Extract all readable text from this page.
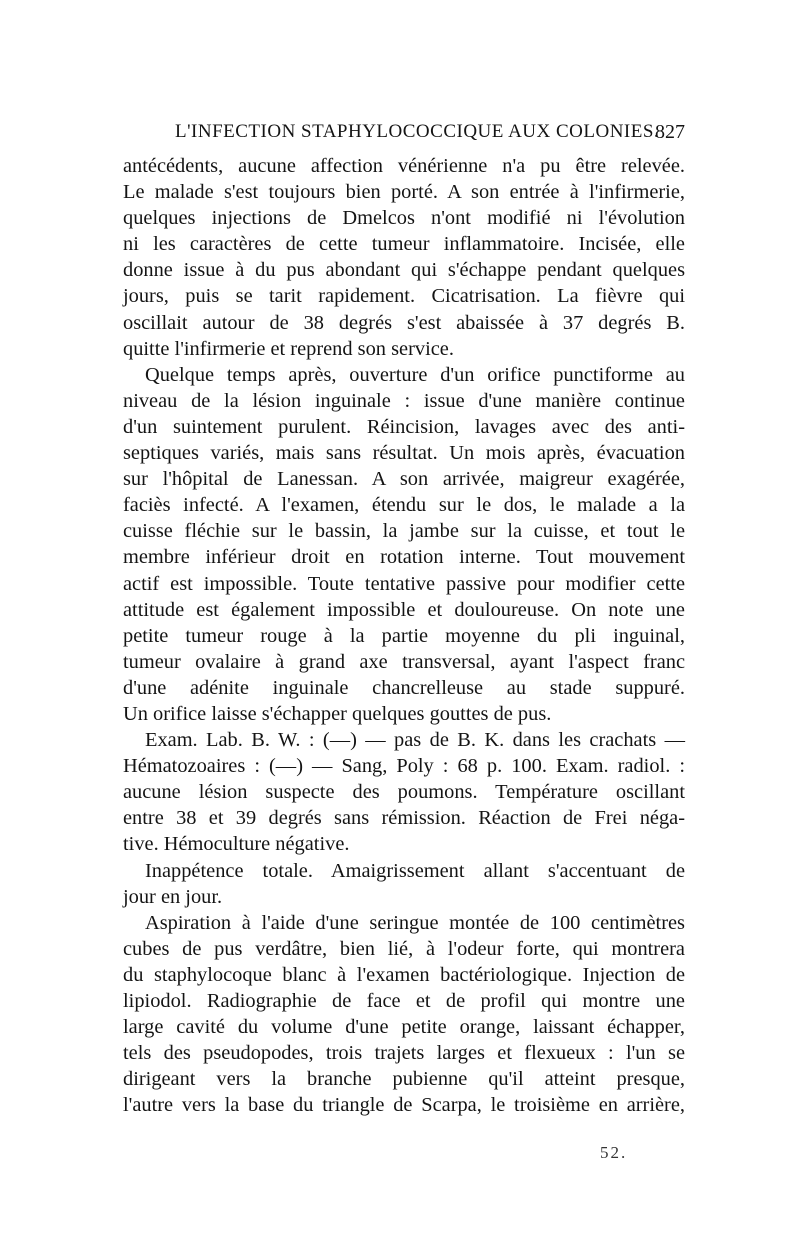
L'INFECTION STAPHYLOCOCCIQUE AUX COLONIES.
827
antécédents, aucune affection vénérienne n'a pu être relevée.
Le malade s'est toujours bien porté. A son entrée à l'infirmerie,
quelques injections de Dmelcos n'ont modifié ni l'évolution
ni les caractères de cette tumeur inflammatoire. Incisée, elle
donne issue à du pus abondant qui s'échappe pendant quelques
jours, puis se tarit rapidement. Cicatrisation. La fièvre qui
oscillait autour de 38 degrés s'est abaissée à 37 degrés B.
quitte l'infirmerie et reprend son service.
Quelque temps après, ouverture d'un orifice punctiforme au
niveau de la lésion inguinale : issue d'une manière continue
d'un suintement purulent. Réincision, lavages avec des anti-
septiques variés, mais sans résultat. Un mois après, évacuation
sur l'hôpital de Lanessan. A son arrivée, maigreur exagérée,
faciès infecté. A l'examen, étendu sur le dos, le malade a la
cuisse fléchie sur le bassin, la jambe sur la cuisse, et tout le
membre inférieur droit en rotation interne. Tout mouvement
actif est impossible. Toute tentative passive pour modifier cette
attitude est également impossible et douloureuse. On note une
petite tumeur rouge à la partie moyenne du pli inguinal,
tumeur ovalaire à grand axe transversal, ayant l'aspect franc
d'une adénite inguinale chancrelleuse au stade suppuré.
Un orifice laisse s'échapper quelques gouttes de pus.
Exam. Lab. B. W. : (—) — pas de B. K. dans les crachats —
Hématozoaires : (—) — Sang, Poly : 68 p. 100. Exam. radiol. :
aucune lésion suspecte des poumons. Température oscillant
entre 38 et 39 degrés sans rémission. Réaction de Frei néga-
tive. Hémoculture négative.
Inappétence totale. Amaigrissement allant s'accentuant de
jour en jour.
Aspiration à l'aide d'une seringue montée de 100 centimètres
cubes de pus verdâtre, bien lié, à l'odeur forte, qui montrera
du staphylocoque blanc à l'examen bactériologique. Injection de
lipiodol. Radiographie de face et de profil qui montre une
large cavité du volume d'une petite orange, laissant échapper,
tels des pseudopodes, trois trajets larges et flexueux : l'un se
dirigeant vers la branche pubienne qu'il atteint presque,
l'autre vers la base du triangle de Scarpa, le troisième en arrière,
52.
